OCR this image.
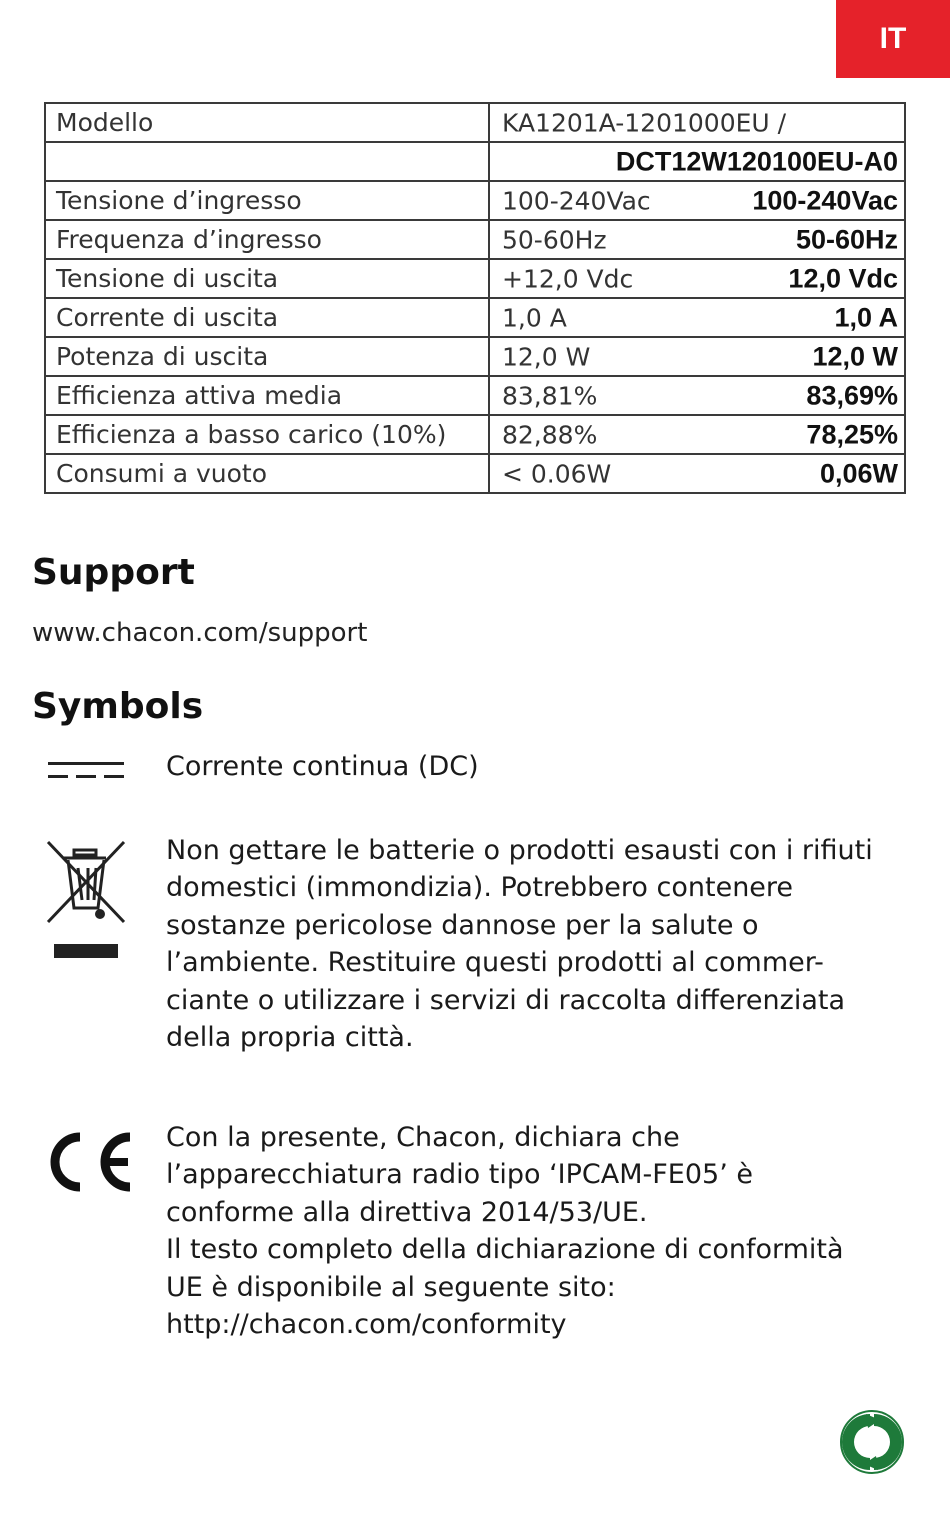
IT
Modello	KA1201A-1201000EU /

	DCT12W120100EU-A0

Tensione d’ingresso	100-240Vac 100-240Vac

Frequenza d’ingresso	50-60Hz 50-60Hz

Tensione di uscita	+12,0 Vdc 12,0 Vdc

Corrente di uscita	1,0 A 1,0 A

Potenza di uscita	12,0 W 12,0 W

Efficienza attiva media	83,81% 83,69%

Efficienza a basso carico (10%)	82,88% 78,25%

Consumi a vuoto	< 0.06W 0,06W
Support
www.chacon.com/support
Symbols
Corrente continua (DC)
Non gettare le batterie o prodotti esausti con i rifiuti
domestici (immondizia). Potrebbero contenere
sostanze pericolose dannose per la salute o
l’ambiente. Restituire questi prodotti al commer-
ciante o utilizzare i servizi di raccolta differenziata
della propria città.
Con la presente, Chacon, dichiara che
l’apparecchiatura radio tipo ‘IPCAM-FE05’ è
conforme alla direttiva 2014/53/UE.
Il testo completo della dichiarazione di conformità
UE è disponibile al seguente sito:
http://chacon.com/conformity
